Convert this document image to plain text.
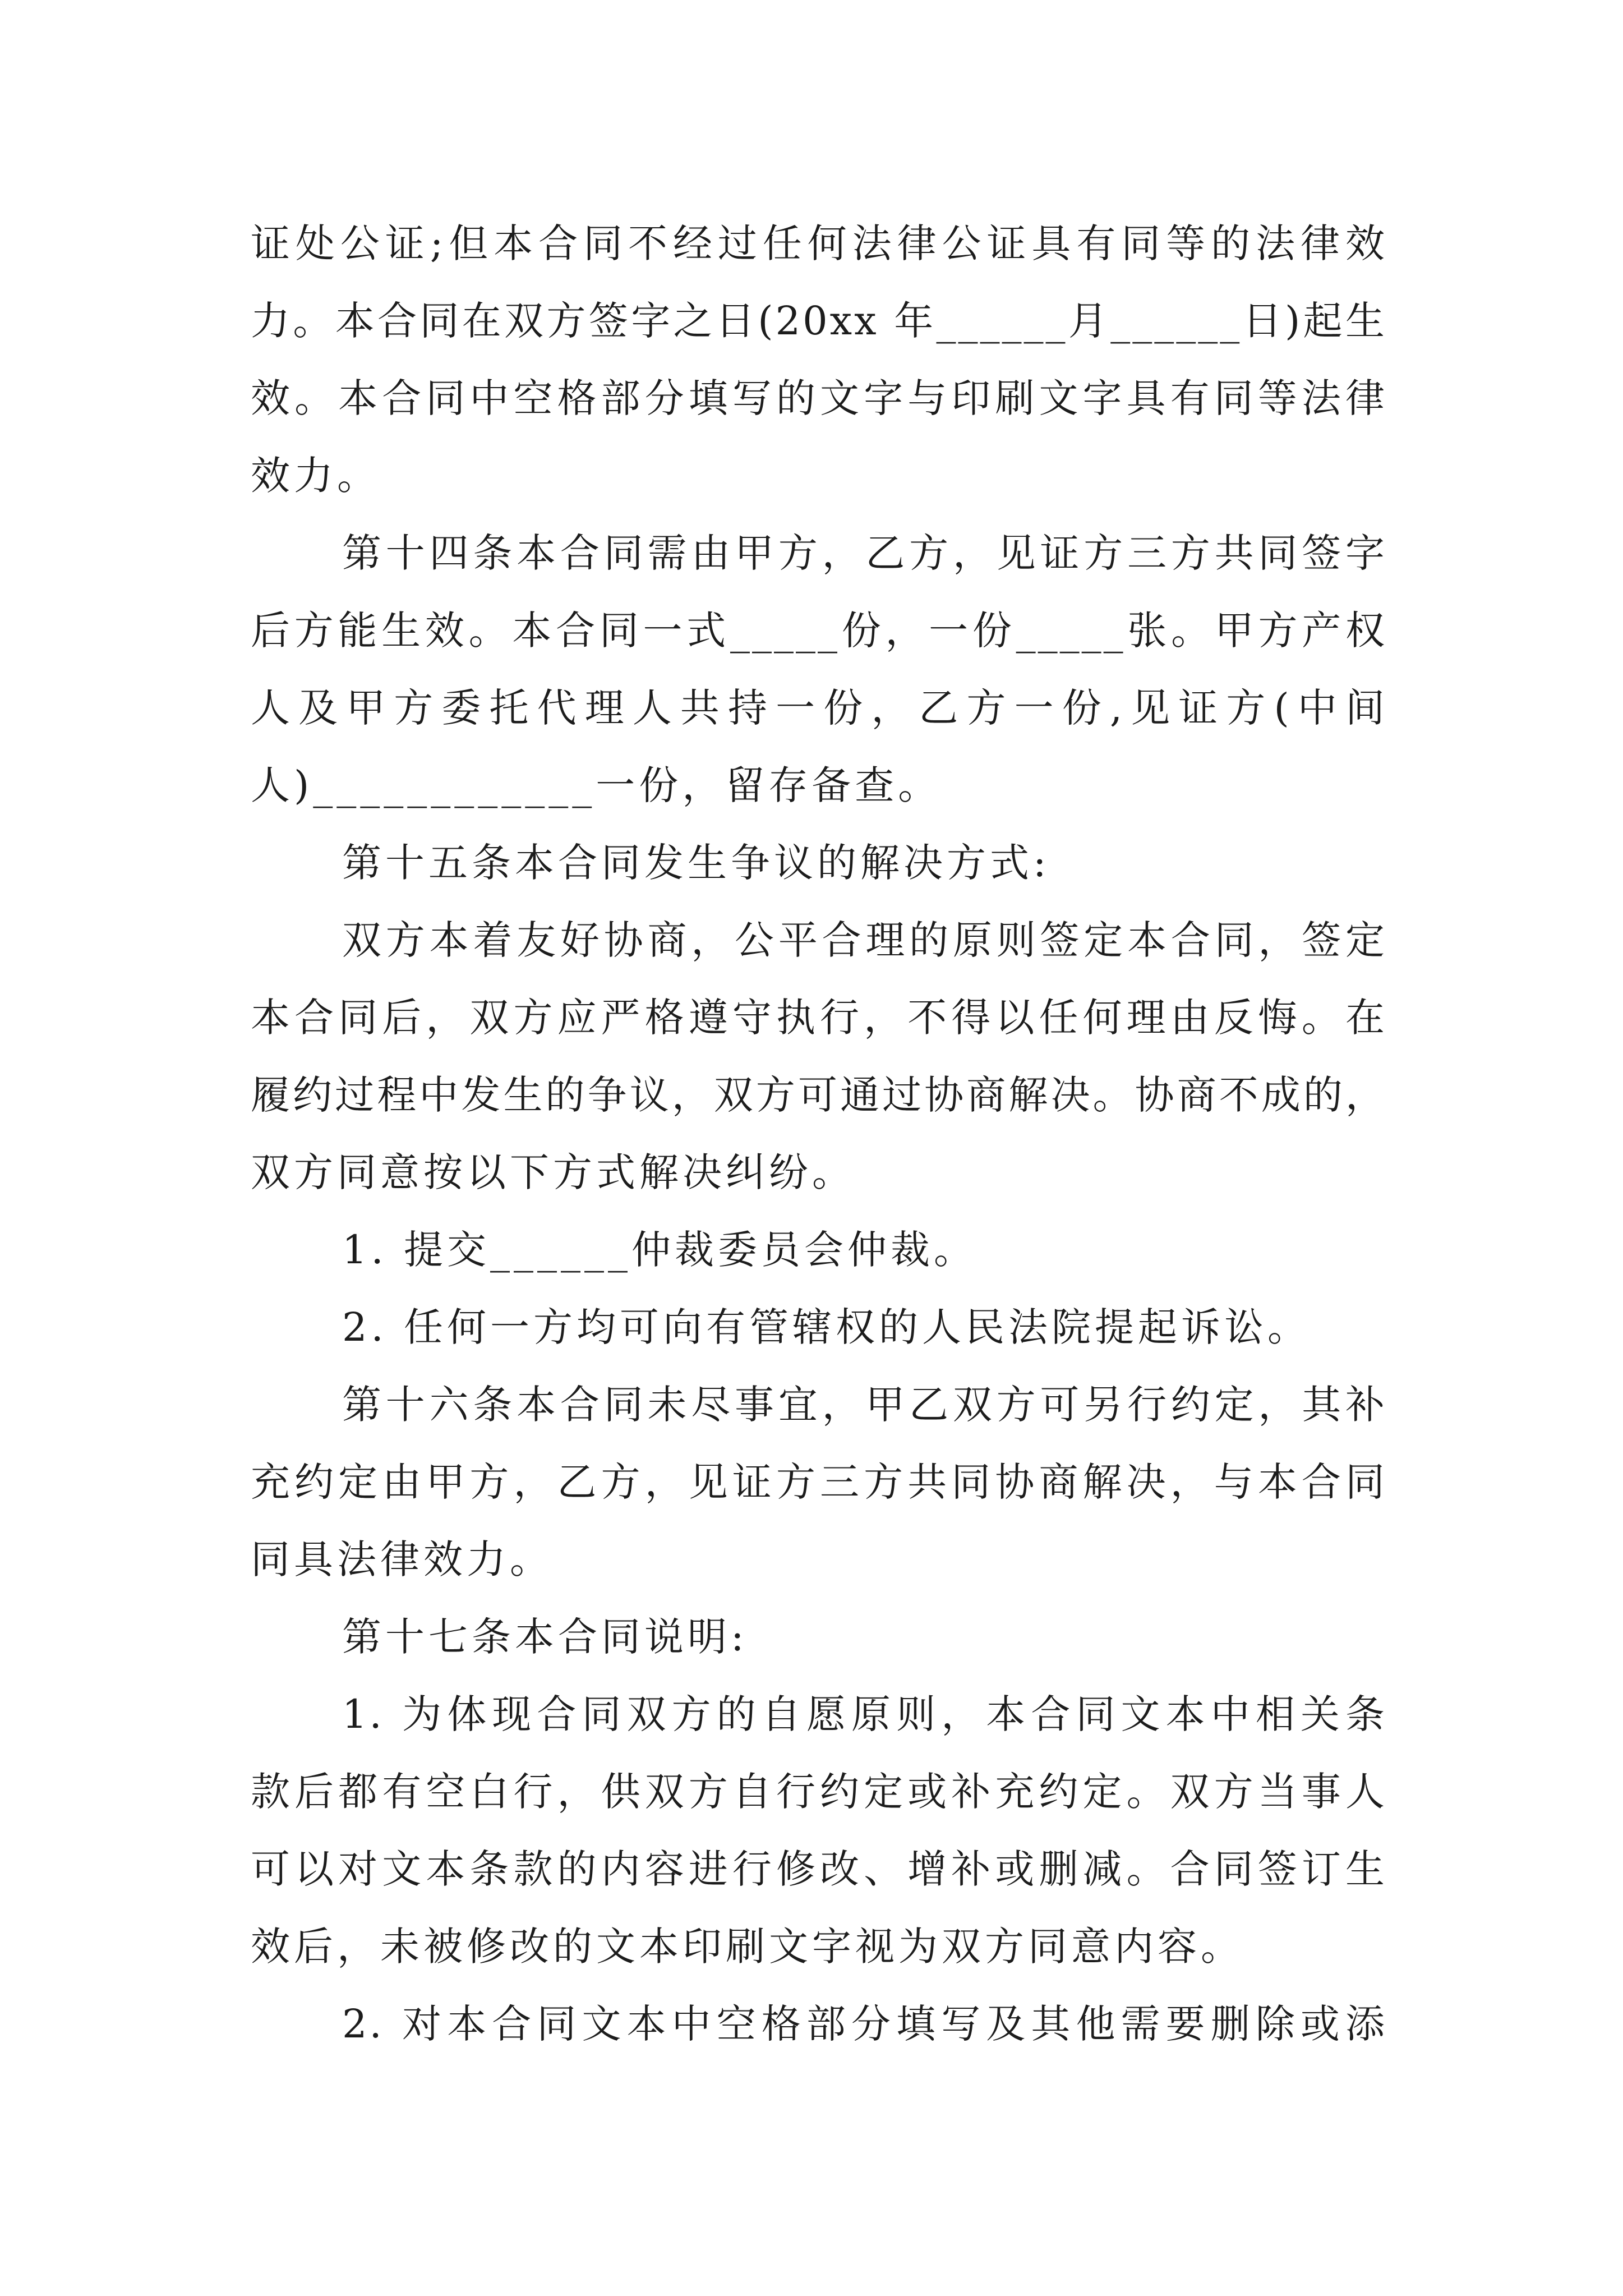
证处公证;但本合同不经过任何法律公证具有同等的法律效
力。本合同在双方签字之日(20xx 年______月______日)起生
效。本合同中空格部分填写的文字与印刷文字具有同等法律
效力。
第十四条本合同需由甲方，乙方，见证方三方共同签字
后方能生效。本合同一式_____份，一份_____张。甲方产权
人及甲方委托代理人共持一份，乙方一份,见证方(中间
人)____________一份，留存备查。
第十五条本合同发生争议的解决方式:
双方本着友好协商，公平合理的原则签定本合同，签定
本合同后，双方应严格遵守执行，不得以任何理由反悔。在
履约过程中发生的争议，双方可通过协商解决。协商不成的，
双方同意按以下方式解决纠纷。
1. 提交______仲裁委员会仲裁。
2. 任何一方均可向有管辖权的人民法院提起诉讼。
第十六条本合同未尽事宜，甲乙双方可另行约定，其补
充约定由甲方，乙方，见证方三方共同协商解决，与本合同
同具法律效力。
第十七条本合同说明:
1. 为体现合同双方的自愿原则，本合同文本中相关条
款后都有空白行，供双方自行约定或补充约定。双方当事人
可以对文本条款的内容进行修改、增补或删减。合同签订生
效后，未被修改的文本印刷文字视为双方同意内容。
2. 对本合同文本中空格部分填写及其他需要删除或添
